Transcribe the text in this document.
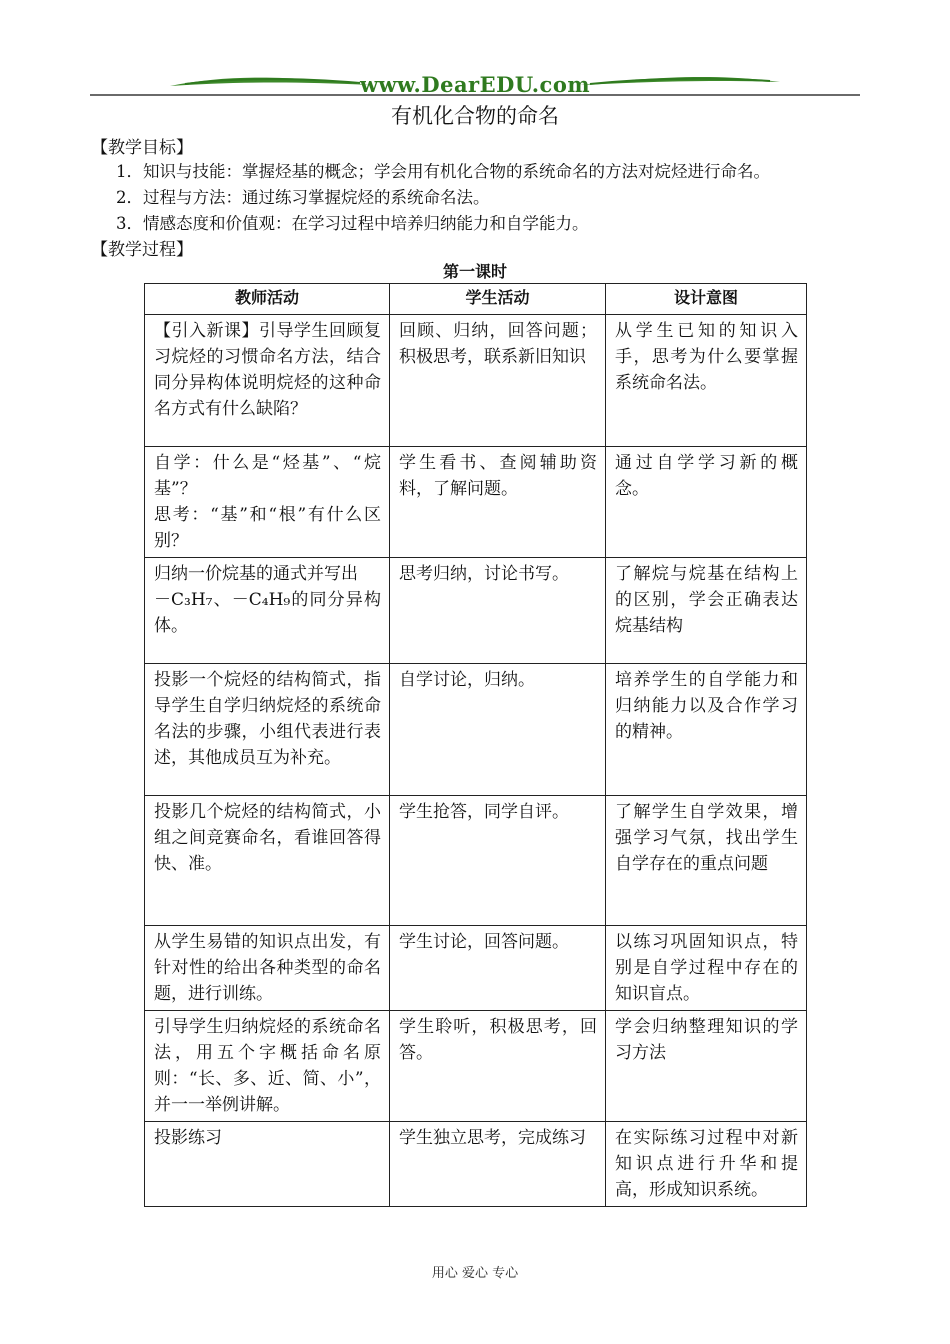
www.DearEDU.com
有机化合物的命名
【教学目标】
1．知识与技能：掌握烃基的概念；学会用有机化合物的系统命名的方法对烷烃进行命名。
2．过程与方法：通过练习掌握烷烃的系统命名法。
3．情感态度和价值观：在学习过程中培养归纳能力和自学能力。
【教学过程】
第一课时
教师活动	学生活动	设计意图
【引入新课】引导学生回顾复习烷烃的习惯命名方法，结合同分异构体说明烷烃的这种命名方式有什么缺陷？	回顾、归纳，回答问题；积极思考，联系新旧知识	从学生已知的知识入手，思考为什么要掌握系统命名法。
自学：什么是“烃基”、“烷基”？
思考：“基”和“根”有什么区别？	学生看书、查阅辅助资料，了解问题。	通过自学学习新的概念。
归纳一价烷基的通式并写出
－C₃H₇、－C₄H₉的同分异构体。	思考归纳，讨论书写。	了解烷与烷基在结构上的区别，学会正确表达烷基结构
投影一个烷烃的结构简式，指导学生自学归纳烷烃的系统命名法的步骤，小组代表进行表述，其他成员互为补充。	自学讨论，归纳。	培养学生的自学能力和归纳能力以及合作学习的精神。
投影几个烷烃的结构简式，小组之间竞赛命名，看谁回答得快、准。	学生抢答，同学自评。	了解学生自学效果，增强学习气氛，找出学生自学存在的重点问题
从学生易错的知识点出发，有针对性的给出各种类型的命名题，进行训练。	学生讨论，回答问题。	以练习巩固知识点，特别是自学过程中存在的知识盲点。
引导学生归纳烷烃的系统命名法，用五个字概括命名原则：“长、多、近、简、小”，并一一举例讲解。	学生聆听，积极思考，回答。	学会归纳整理知识的学习方法
投影练习	学生独立思考，完成练习	在实际练习过程中对新知识点进行升华和提高，形成知识系统。
用心 爱心 专心
